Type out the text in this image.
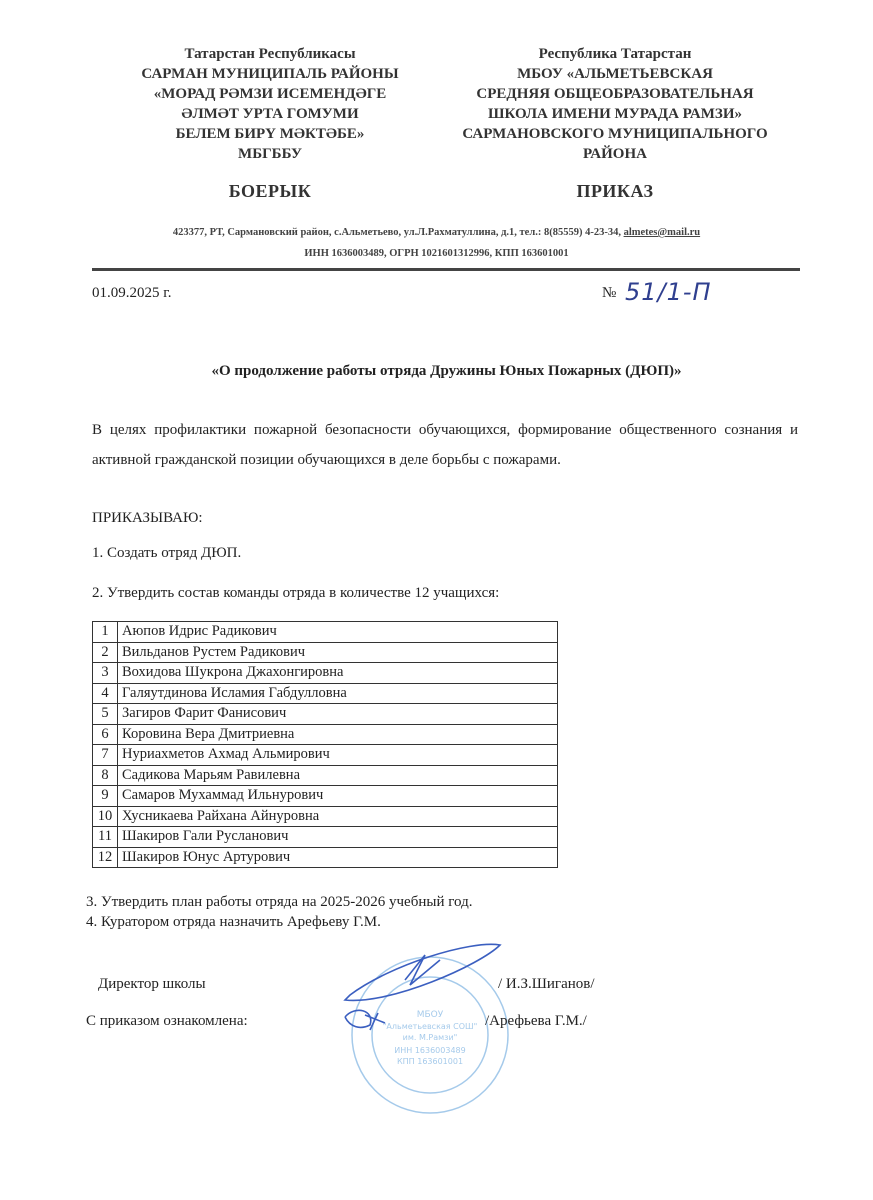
Татарстан Республикасы
САРМАН МУНИЦИПАЛЬ РАЙОНЫ
«МОРАД РӘМЗИ ИСЕМЕНДӘГЕ
ӘЛМӘТ УРТА ГОМУМИ
БЕЛЕМ БИРҮ МӘКТӘБЕ»
МБГББУ
БОЕРЫК
Республика Татарстан
МБОУ «АЛЬМЕТЬЕВСКАЯ
СРЕДНЯЯ ОБЩЕОБРАЗОВАТЕЛЬНАЯ
ШКОЛА ИМЕНИ МУРАДА РАМЗИ»
САРМАНОВСКОГО МУНИЦИПАЛЬНОГО
РАЙОНА
ПРИКАЗ
423377, РТ, Сармановский район, с.Альметьево, ул.Л.Рахматуллина, д.1, тел.: 8(85559) 4-23-34, almetes@mail.ru
ИНН 1636003489, ОГРН 1021601312996, КПП 163601001
01.09.2025 г.	№ 51/1-П
«О продолжение работы отряда Дружины Юных Пожарных (ДЮП)»
В целях профилактики пожарной безопасности обучающихся, формирование общественного сознания и активной гражданской позиции обучающихся в деле борьбы с пожарами.
ПРИКАЗЫВАЮ:
1. Создать отряд ДЮП.
2. Утвердить состав команды отряда в количестве 12 учащихся:
1	Аюпов Идрис Радикович
2	Вильданов Рустем Радикович
3	Вохидова Шукрона Джахонгировна
4	Галяутдинова Исламия Габдулловна
5	Загиров Фарит Фанисович
6	Коровина Вера Дмитриевна
7	Нуриахметов Ахмад Альмирович
8	Садикова Марьям Равилевна
9	Самаров Мухаммад Ильнурович
10	Хусникаева Райхана Айнуровна
11	Шакиров Гали Русланович
12	Шакиров Юнус Артурович
3. Утвердить план работы отряда на 2025-2026 учебный год.
4. Куратором отряда назначить Арефьеву Г.М.
МБОУ
"Альметьевская СОШ"
им. М.Рамзи"
ИНН 1636003489
КПП 163601001
Директор школы	/ И.З.Шиганов/
С приказом ознакомлена:	/Арефьева Г.М./
